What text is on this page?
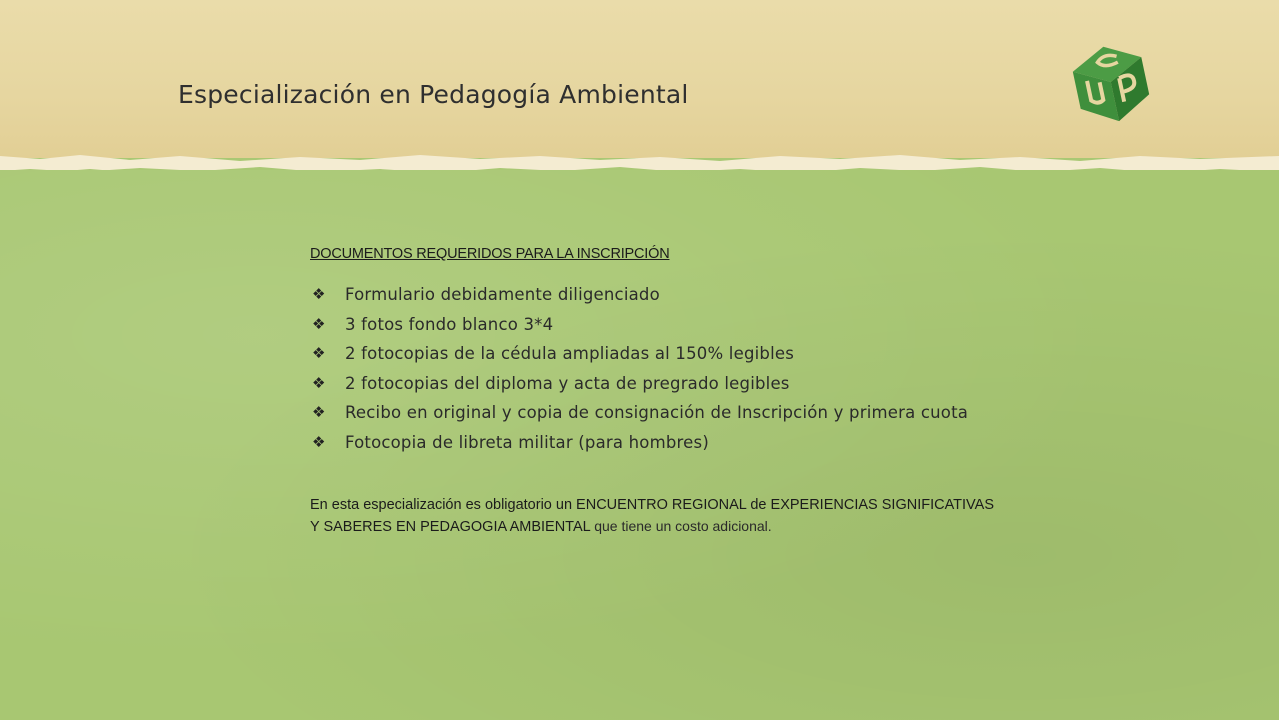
Especialización en Pedagogía Ambiental
DOCUMENTOS REQUERIDOS PARA LA INSCRIPCIÓN
❖ Formulario debidamente diligenciado
❖ 3 fotos fondo blanco 3*4
❖ 2 fotocopias de la cédula ampliadas al 150% legibles
❖ 2 fotocopias del diploma y acta de pregrado legibles
❖ Recibo en original y copia de consignación de Inscripción y primera cuota
❖ Fotocopia de libreta militar (para hombres)
En esta especialización es obligatorio un ENCUENTRO REGIONAL de EXPERIENCIAS SIGNIFICATIVAS Y SABERES EN PEDAGOGIA AMBIENTAL que tiene un costo adicional.
